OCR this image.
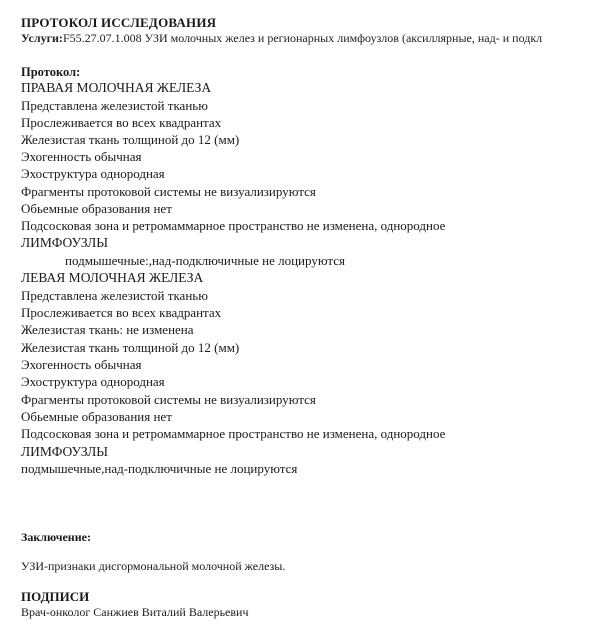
ПРОТОКОЛ ИССЛЕДОВАНИЯ
Услуги:F55.27.07.1.008 УЗИ молочных желез и регионарных лимфоузлов (аксиллярные, над- и подкл
Протокол:
ПРАВАЯ МОЛОЧНАЯ ЖЕЛЕЗА
Представлена железистой тканью
Прослеживается во всех квадрантах
Железистая ткань толщиной до 12 (мм)
Эхогенность обычная
Эхоструктура однородная
Фрагменты протоковой системы не визуализируются
Обьемные образования нет
Подсосковая зона и ретромаммарное пространство не изменена, однородное
ЛИМФОУЗЛЫ
подмышечные:,над-подключичные не лоцируются
ЛЕВАЯ МОЛОЧНАЯ ЖЕЛЕЗА
Представлена железистой тканью
Прослеживается во всех квадрантах
Железистая ткань: не изменена
Железистая ткань толщиной до 12 (мм)
Эхогенность обычная
Эхоструктура однородная
Фрагменты протоковой системы не визуализируются
Обьемные образования нет
Подсосковая зона и ретромаммарное пространство не изменена, однородное
ЛИМФОУЗЛЫ
подмышечные,над-подключичные не лоцируются
Заключение:
УЗИ-признаки дисгормональной молочной железы.
ПОДПИСИ
Врач-онколог Санжиев Виталий Валерьевич
